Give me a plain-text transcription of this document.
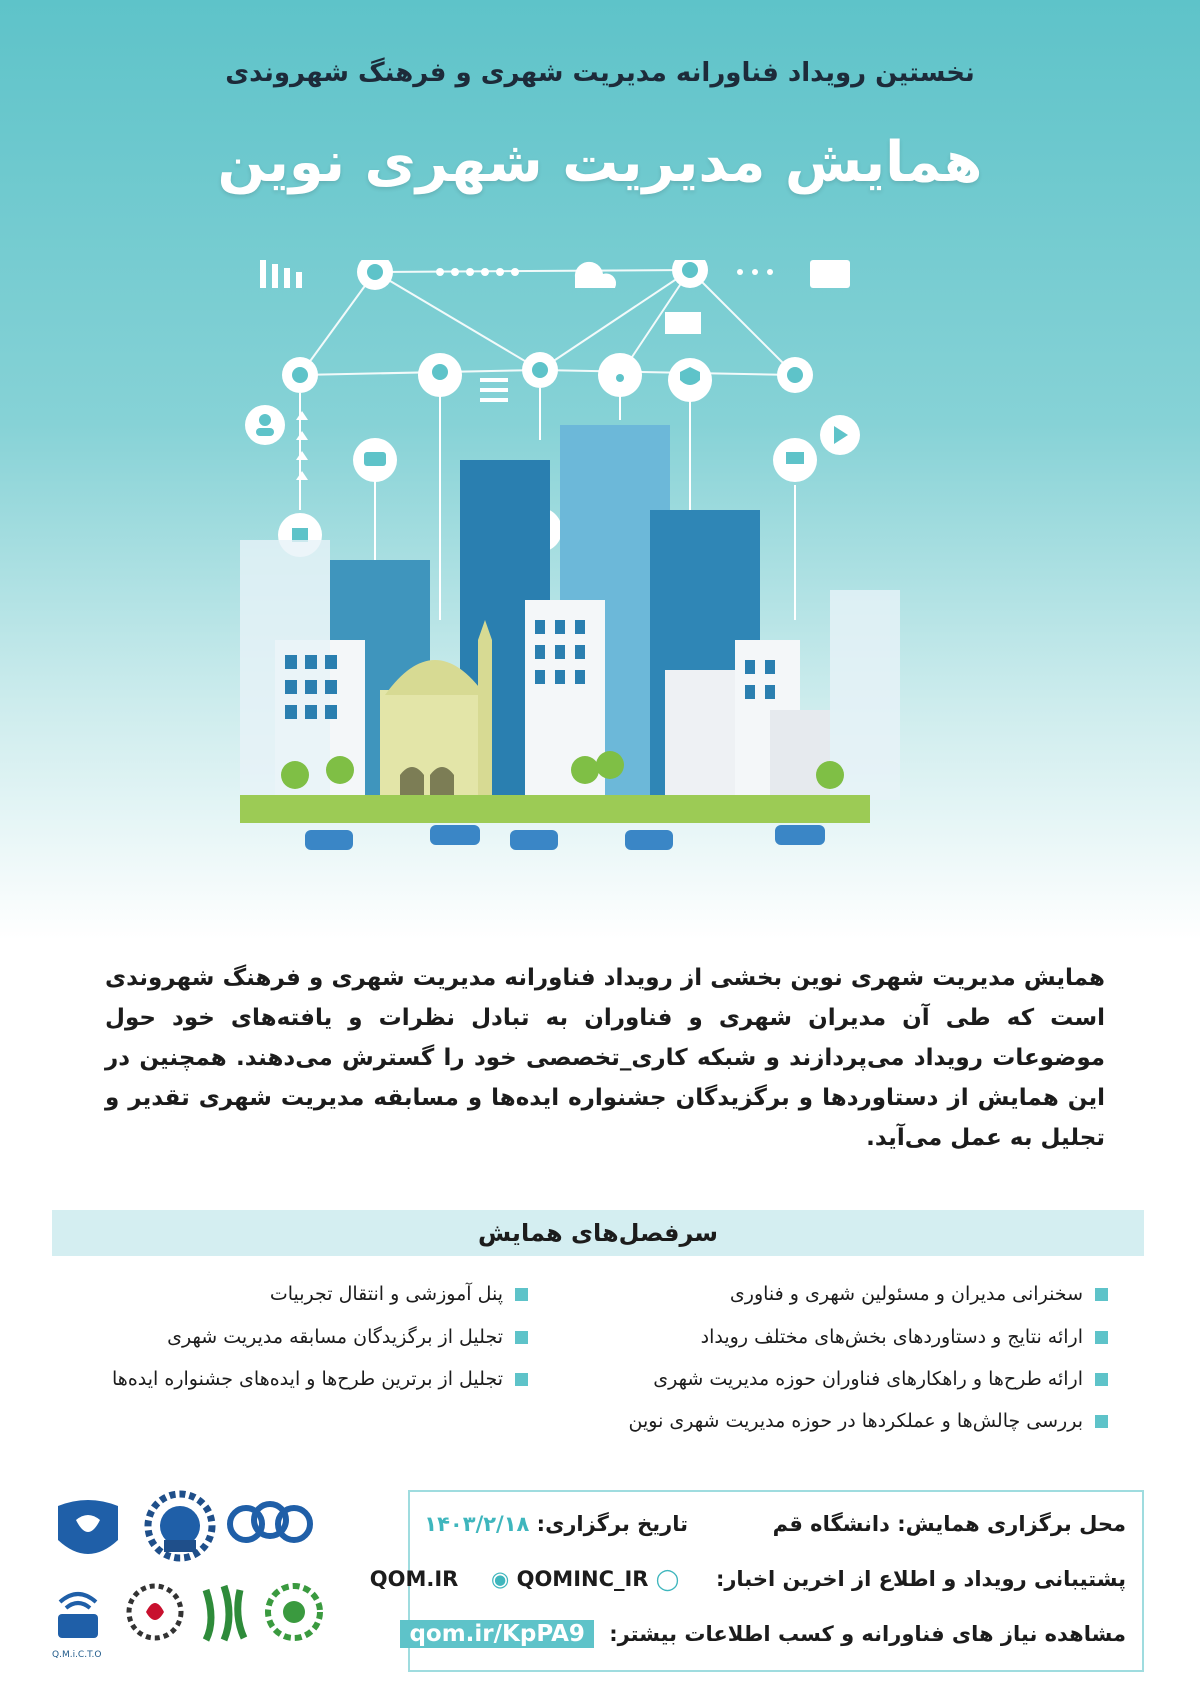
نخستین رویداد فناورانه مدیریت شهری و فرهنگ شهروندی
همایش مدیریت شهری نوین
همایش مدیریت شهری نوین بخشی از رویداد فناورانه مدیریت شهری و فرهنگ شهروندی است که طی آن مدیران شهری و فناوران به تبادل نظرات و یافته‌های خود حول موضوعات رویداد می‌پردازند و شبکه کاری_تخصصی خود را گسترش می‌دهند. همچنین در این همایش از دستاوردها و برگزیدگان جشنواره ایده‌ها و مسابقه مدیریت شهری تقدیر و تجلیل به عمل می‌آید.
سرفصل‌های همایش
سخنرانی مدیران و مسئولین شهری و فناوری
ارائه نتایج و دستاوردهای بخش‌های مختلف رویداد
ارائه طرح‌ها و راهکارهای فناوران حوزه مدیریت شهری
بررسی چالش‌ها و عملکردها در حوزه مدیریت شهری نوین
پنل آموزشی و انتقال تجربیات
تجلیل از برگزیدگان مسابقه مدیریت شهری
تجلیل از برترین طرح‌ها و ایده‌های جشنواره ایده‌ها
محل برگزاری همایش: دانشگاه قم  تاریخ برگزاری: ۱۴۰۳/۲/۱۸
پشتیبانی رویداد و اطلاع از اخرین اخبار:  ◯ QOM.IR ◉ QOMINC_IR
مشاهده نیاز های فناورانه و کسب اطلاعات بیشتر: qom.ir/KpPA9
Q.M.i.C.T.O
